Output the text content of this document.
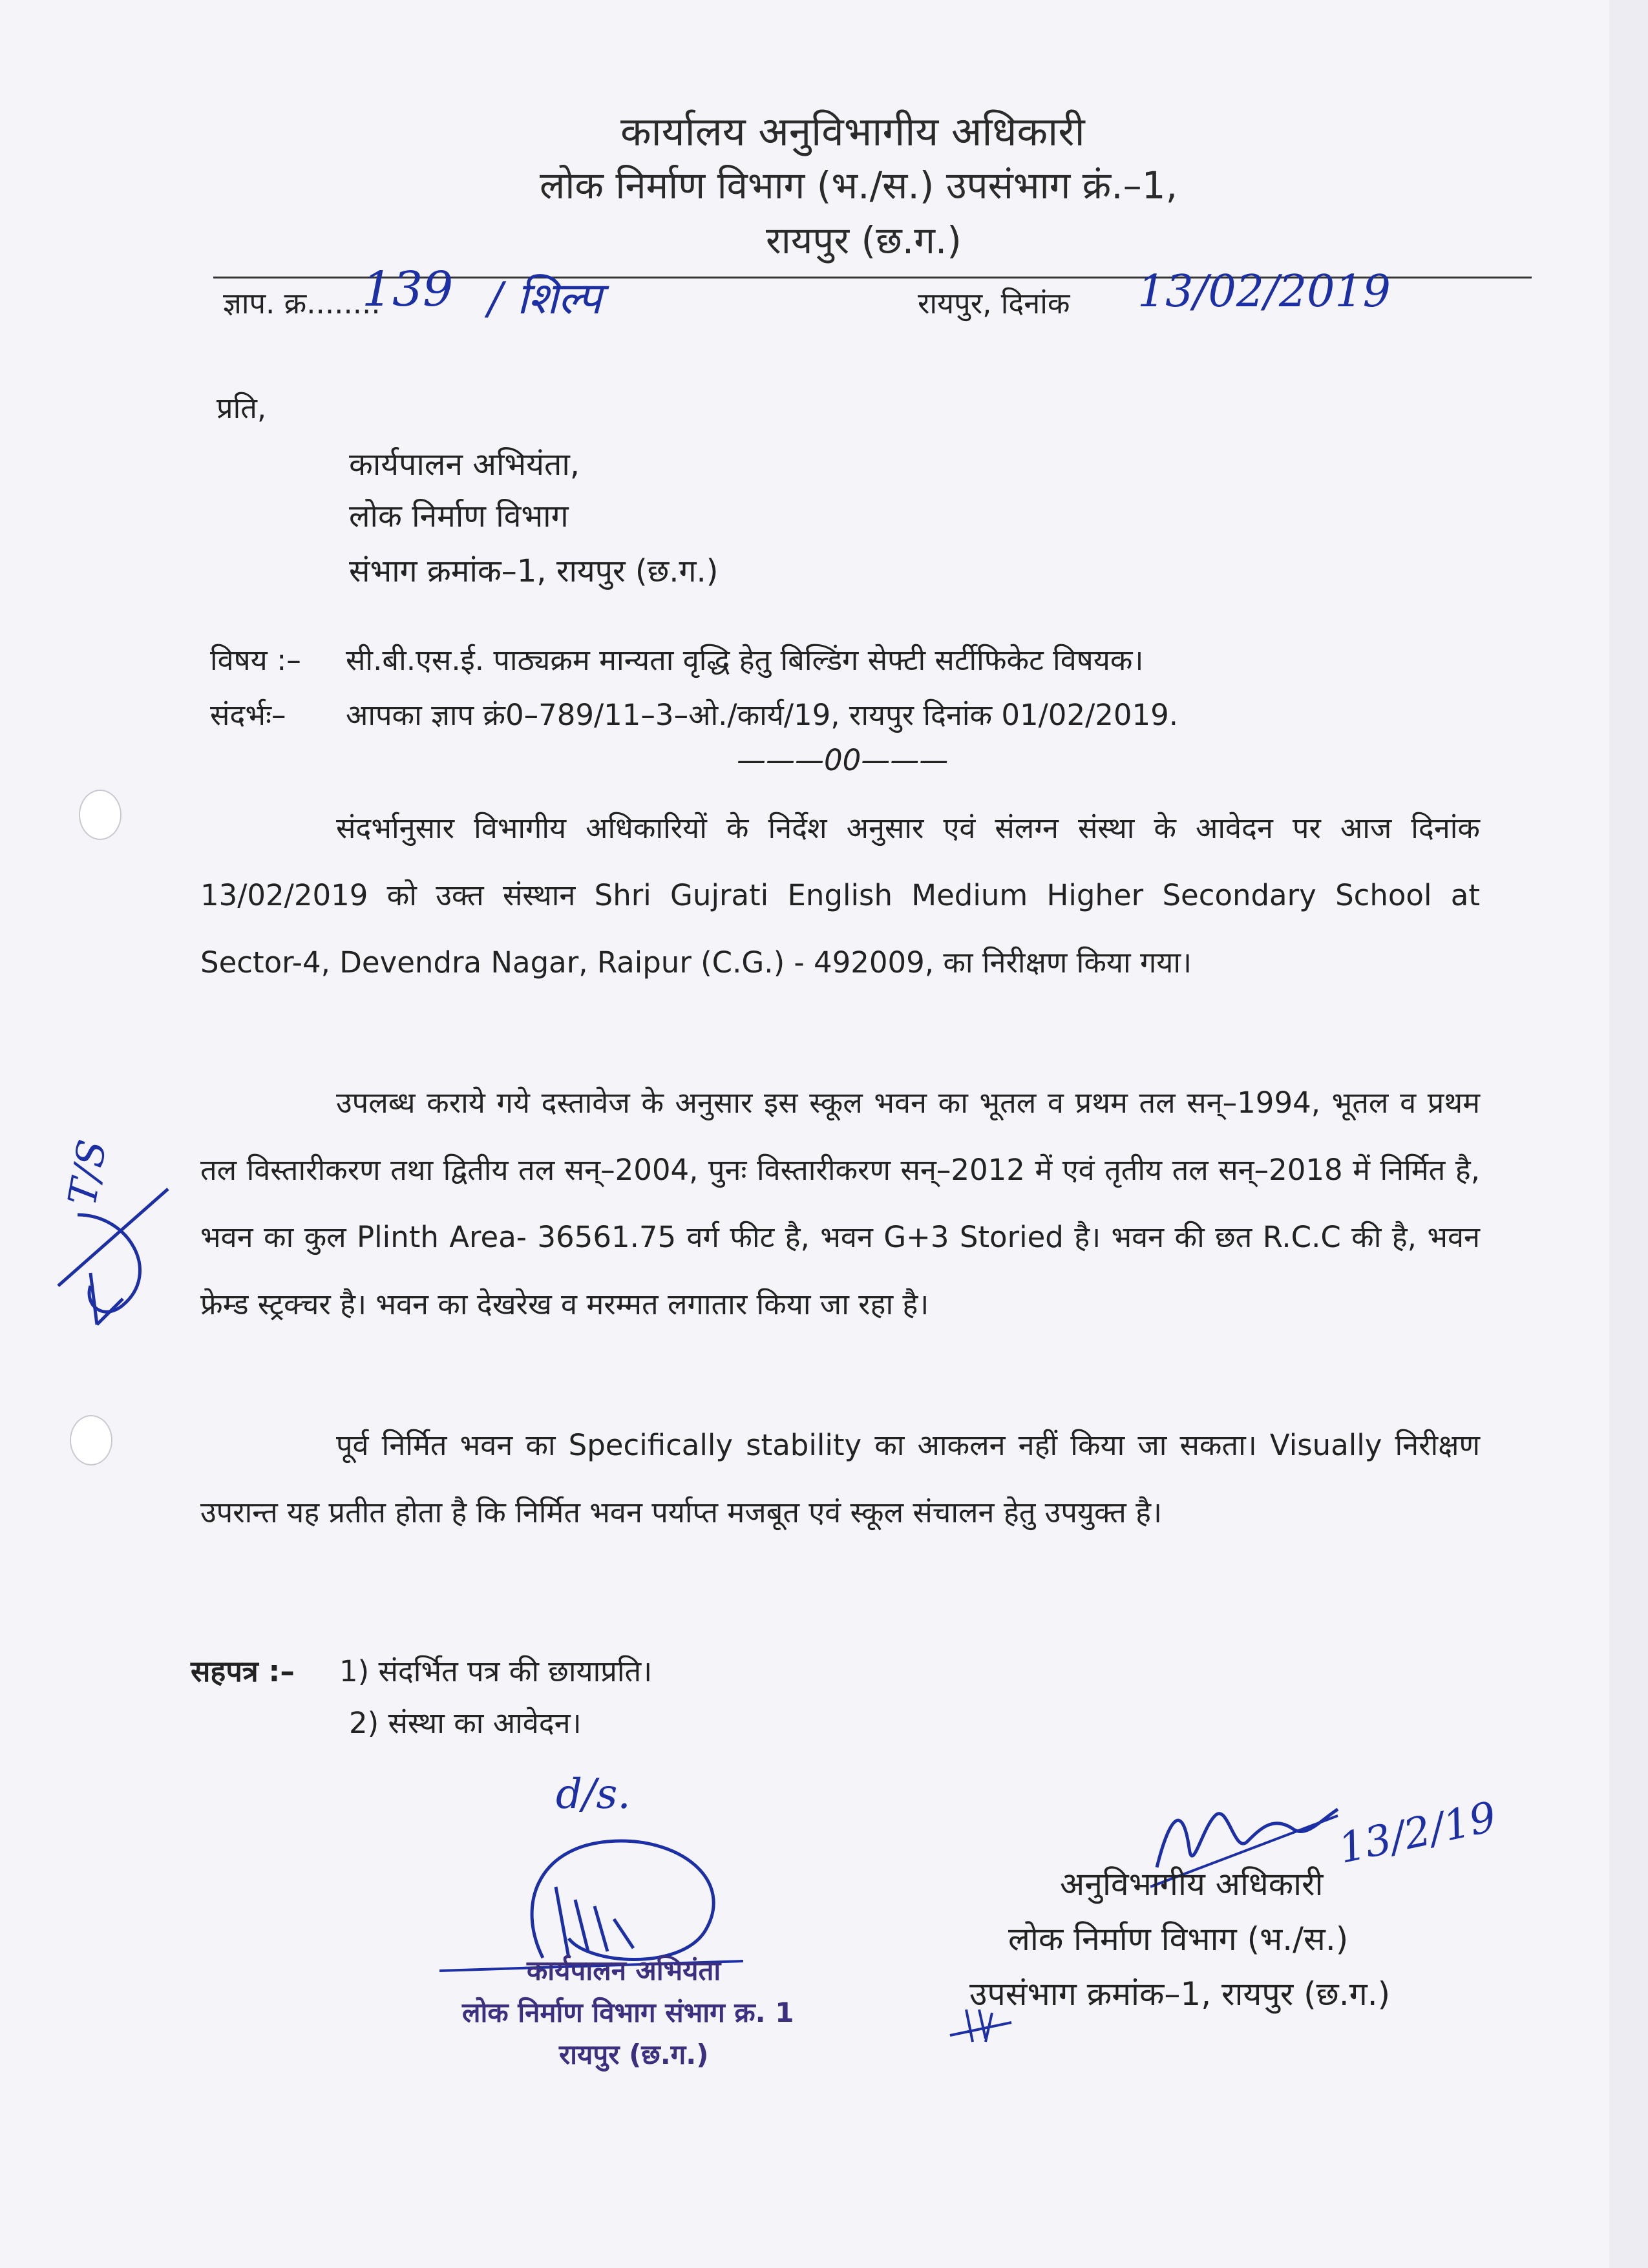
कार्यालय अनुविभागीय अधिकारी
लोक निर्माण विभाग (भ./स.) उपसंभाग क्रं.–1,
रायपुर (छ.ग.)
ज्ञाप. क्र........
139 / शिल्प	रायपुर, दिनांक 13/02/2019
प्रति,
कार्यपालन अभियंता,
लोक निर्माण विभाग
संभाग क्रमांक–1, रायपुर (छ.ग.)
विषय :– सी.बी.एस.ई. पाठ्यक्रम मान्यता वृद्धि हेतु बिल्डिंग सेफ्टी सर्टीफिकेट विषयक।
संदर्भः– आपका ज्ञाप क्रं0–789/11–3–ओ./कार्य/19, रायपुर दिनांक 01/02/2019.
———00———
संदर्भानुसार विभागीय अधिकारियों के निर्देश अनुसार एवं संलग्न संस्था के आवेदन पर आज दिनांक 13/02/2019 को उक्त संस्थान Shri Gujrati English Medium Higher Secondary School at Sector-4, Devendra Nagar, Raipur (C.G.) - 492009, का निरीक्षण किया गया।
उपलब्ध कराये गये दस्तावेज के अनुसार इस स्कूल भवन का भूतल व प्रथम तल सन्–1994, भूतल व प्रथम तल विस्तारीकरण तथा द्वितीय तल सन्–2004, पुनः विस्तारीकरण सन्–2012 में एवं तृतीय तल सन्–2018 में निर्मित है, भवन का कुल Plinth Area- 36561.75 वर्ग फीट है, भवन G+3 Storied है। भवन की छत R.C.C की है, भवन फ्रेम्ड स्ट्रक्चर है। भवन का देखरेख व मरम्मत लगातार किया जा रहा है।
पूर्व निर्मित भवन का Specifically stability का आकलन नहीं किया जा सकता। Visually निरीक्षण उपरान्त यह प्रतीत होता है कि निर्मित भवन पर्याप्त मजबूत एवं स्कूल संचालन हेतु उपयुक्त है।
सहपत्र :– 1) संदर्भित पत्र की छायाप्रति।
2) संस्था का आवेदन।
13/2/19
अनुविभागीय अधिकारी
लोक निर्माण विभाग (भ./स.)
उपसंभाग क्रमांक–1, रायपुर (छ.ग.)
d/s.
कार्यपालन अभियंता
लोक निर्माण विभाग संभाग क्र. 1
रायपुर (छ.ग.)
T/S
